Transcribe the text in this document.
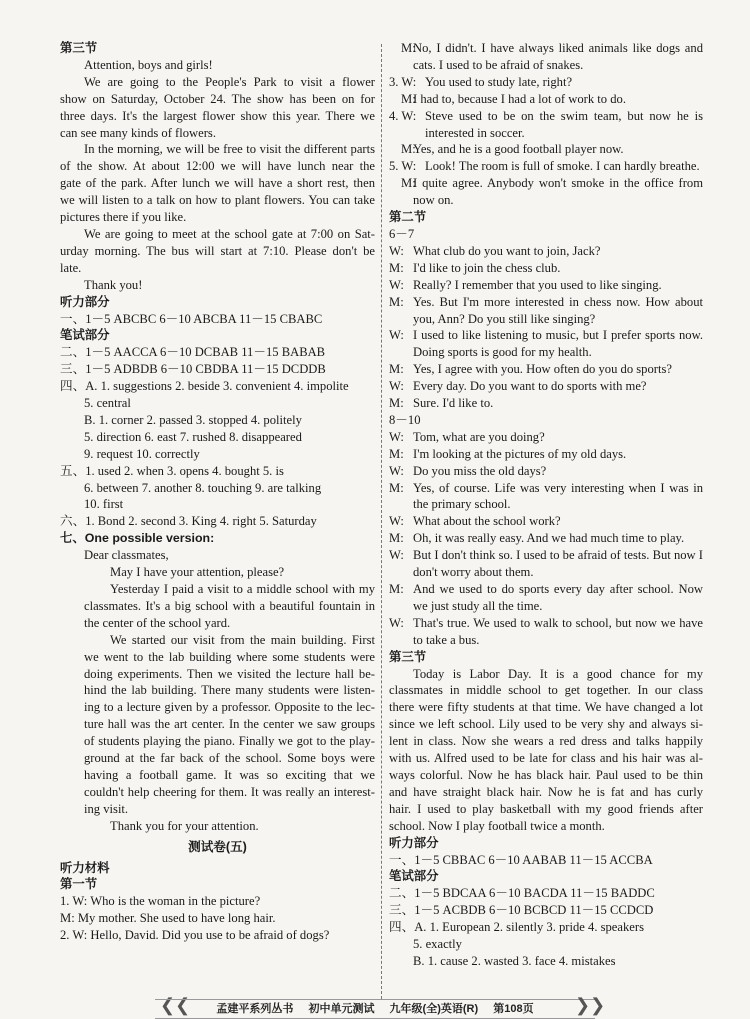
第三节
Attention, boys and girls!
We are going to the People's Park to visit a flower
show on Saturday, October 24. The show has been on for
three days. It's the largest flower show this year. There we
can see many kinds of flowers.
In the morning, we will be free to visit the different parts
of the show. At about 12:00 we will have lunch near the
gate of the park. After lunch we will have a short rest, then
we will listen to a talk on how to plant flowers. You can take
pictures there if you like.
We are going to meet at the school gate at 7:00 on Sat-
urday morning. The bus will start at 7:10. Please don't be
late.
Thank you!
听力部分
一、1－5 ABCBC 6－10 ABCBA 11－15 CBABC
笔试部分
二、1－5 AACCA 6－10 DCBAB 11－15 BABAB
三、1－5 ADBDB 6－10 CBDBA 11－15 DCDDB
四、A. 1. suggestions 2. beside 3. convenient 4. impolite
5. central
B. 1. corner 2. passed 3. stopped 4. politely
5. direction 6. east 7. rushed 8. disappeared
9. request 10. correctly
五、1. used 2. when 3. opens 4. bought 5. is
6. between 7. another 8. touching 9. are talking
10. first
六、1. Bond 2. second 3. King 4. right 5. Saturday
七、One possible version:
Dear classmates,
May I have your attention, please?
Yesterday I paid a visit to a middle school with my
classmates. It's a big school with a beautiful fountain in
the center of the school yard.
We started our visit from the main building. First
we went to the lab building where some students were
doing experiments. Then we visited the lecture hall be-
hind the lab building. There many students were listen-
ing to a lecture given by a professor. Opposite to the lec-
ture hall was the art center. In the center we saw groups
of students playing the piano. Finally we got to the play-
ground at the far back of the school. Some boys were
having a football game. It was so exciting that we
couldn't help cheering for them. It was really an interest-
ing visit.
Thank you for your attention.
测试卷(五)
听力材料
第一节
1. W: Who is the woman in the picture?
M: My mother. She used to have long hair.
2. W: Hello, David. Did you use to be afraid of dogs?
M:
No, I didn't. I have always liked animals like dogs and cats. I used to be afraid of snakes.
3. W: You used to study late, right?
M:
I had to, because I had a lot of work to do.
4. W: Steve used to be on the swim team, but now he is interested in soccer.
M:
Yes, and he is a good football player now.
5. W: Look! The room is full of smoke. I can hardly breathe.
M:
I quite agree. Anybody won't smoke in the office from now on.
第二节
6－7
W: What club do you want to join, Jack?
M: I'd like to join the chess club.
W: Really? I remember that you used to like singing.
M: Yes. But I'm more interested in chess now. How about you, Ann? Do you still like singing?
W: I used to like listening to music, but I prefer sports now. Doing sports is good for my health.
M: Yes, I agree with you. How often do you do sports?
W: Every day. Do you want to do sports with me?
M: Sure. I'd like to.
8－10
W: Tom, what are you doing?
M: I'm looking at the pictures of my old days.
W: Do you miss the old days?
M: Yes, of course. Life was very interesting when I was in the primary school.
W: What about the school work?
M: Oh, it was really easy. And we had much time to play.
W: But I don't think so. I used to be afraid of tests. But now I don't worry about them.
M: And we used to do sports every day after school. Now we just study all the time.
W: That's true. We used to walk to school, but now we have to take a bus.
第三节
Today is Labor Day. It is a good chance for my
classmates in middle school to get together. In our class
there were fifty students at that time. We have changed a lot
since we left school. Lily used to be very shy and always si-
lent in class. Now she wears a red dress and talks happily
with us. Alfred used to be late for class and his hair was al-
ways colorful. Now he has black hair. Paul used to be thin
and have straight black hair. Now he is fat and has curly
hair. I used to play basketball with my good friends after
school. Now I play football twice a month.
听力部分
一、1－5 CBBAC 6－10 AABAB 11－15 ACCBA
笔试部分
二、1－5 BDCAA 6－10 BACDA 11－15 BADDC
三、1－5 ACBDB 6－10 BCBCD 11－15 CCDCD
四、A. 1. European 2. silently 3. pride 4. speakers
5. exactly
B. 1. cause 2. wasted 3. face 4. mistakes
❮❮	孟建平系列丛书 初中单元测试 九年级(全)英语(R) 第108页	❯❯
